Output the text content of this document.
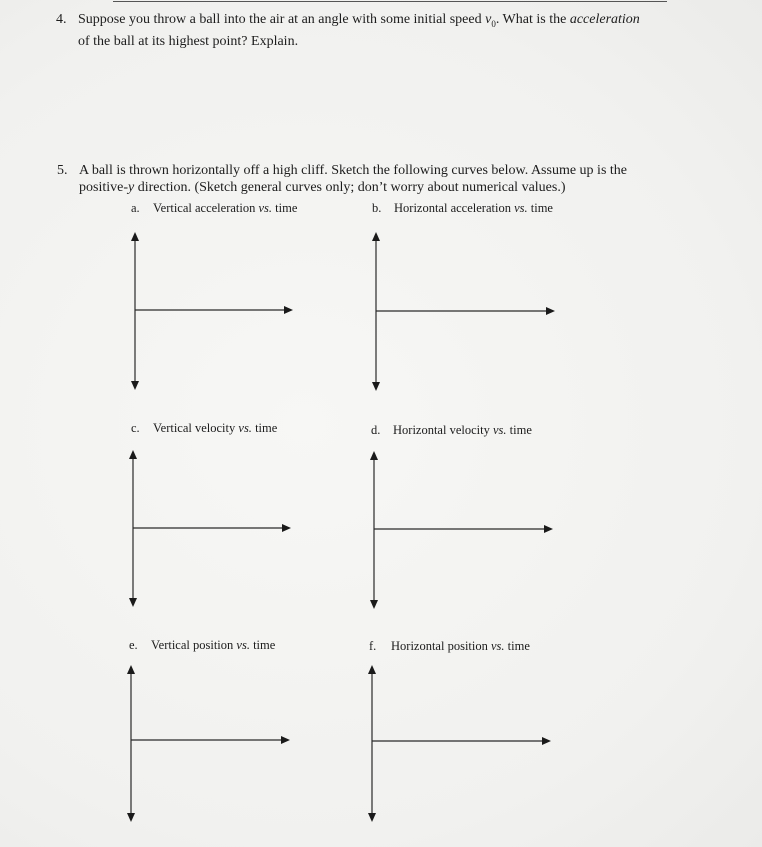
4. Suppose you throw a ball into the air at an angle with some initial speed $v_0$. What is the acceleration
of the ball at its highest point? Explain.
5. A ball is thrown horizontally off a high cliff. Sketch the following curves below. Assume up is the
positive-y direction. (Sketch general curves only; don’t worry about numerical values.)
a. Vertical acceleration vs. time	b. Horizontal acceleration vs. time
c. Vertical velocity vs. time	d. Horizontal velocity vs. time
e. Vertical position vs. time	f. Horizontal position vs. time
